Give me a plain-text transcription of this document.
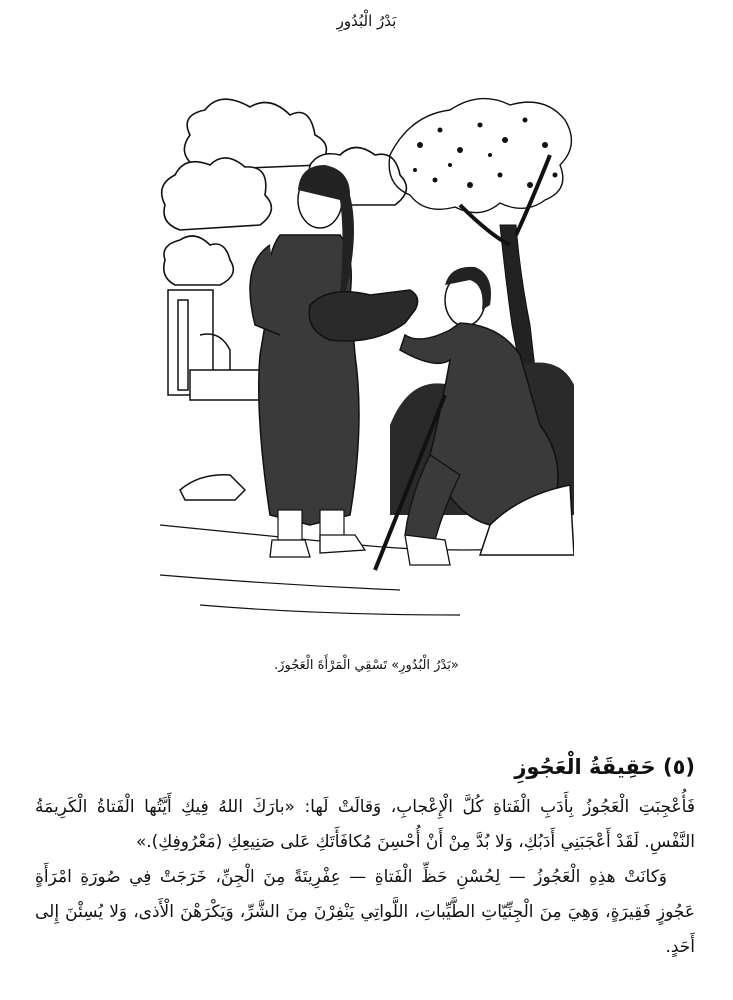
بَدْرُ الْبُدُورِ
«بَدْرُ الْبُدُورِ» تَسْقِي الْمَرْأَةَ الْعَجُوزَ.
(٥) حَقِيقَةُ الْعَجُوزِ

فَأُعْجِبَتِ الْعَجُوزُ بِأَدَبِ الْفَتاةِ كُلَّ الْإِعْجابِ، وَقالَتْ لَها: «بارَكَ اللهُ فِيكِ أَيَّتُها الْفَتاةُ الْكَرِيمَةُ النَّفْسِ. لَقَدْ أَعْجَبَنِي أَدَبُكِ، وَلا بُدَّ مِنْ أَنْ أُحْسِنَ مُكافَأَتَكِ عَلى صَنِيعِكِ (مَعْرُوفِكِ).»

وَكانَتْ هذِهِ الْعَجُوزُ — لِحُسْنِ حَظِّ الْفَتاةِ — عِفْرِيتَةً مِنَ الْجِنِّ، خَرَجَتْ فِي صُورَةِ امْرَأَةٍ عَجُوزٍ فَقِيرَةٍ، وَهِيَ مِنَ الْجِنِّيّاتِ الطَّيِّباتِ، اللَّواتِي يَنْفِرْنَ مِنَ الشَّرِّ، وَيَكْرَهْنَ الْأَذى، وَلا يُسِئْنَ إِلى أَحَدٍ.
